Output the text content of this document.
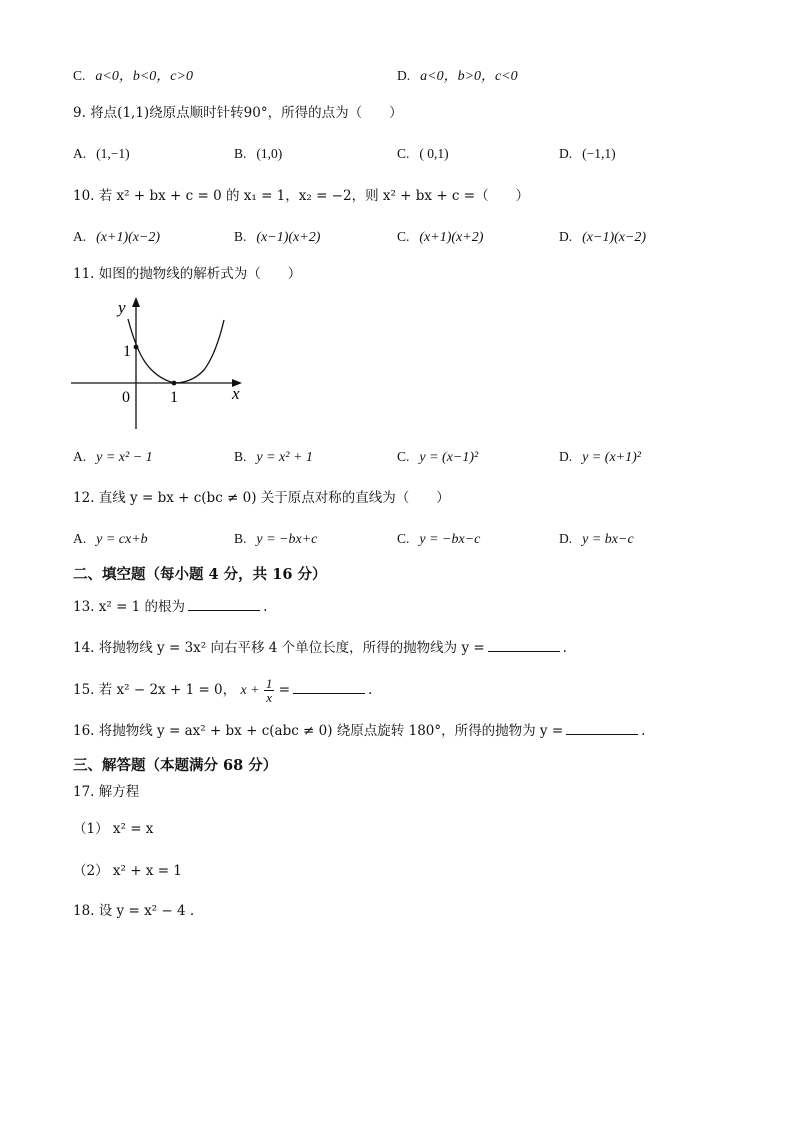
C. a<0，b<0，c>0	D. a<0，b>0，c<0
9. 将点(1,1)绕原点顺时针转90°，所得的点为（　　）
A. (1,−1)	B. (1,0)	C. ( 0,1)	D. (−1,1)
10. 若 x² + bx + c = 0 的 x₁ = 1，x₂ = −2，则 x² + bx + c =（　　）
A. (x+1)(x−2)	B. (x−1)(x+2)	C. (x+1)(x+2)	D. (x−1)(x−2)
11. 如图的抛物线的解析式为（　　）
y
x
0
1
1
A. y = x² − 1	B. y = x² + 1	C. y = (x−1)²	D. y = (x+1)²
12. 直线 y = bx + c(bc ≠ 0) 关于原点对称的直线为（　　）
A. y = cx+b	B. y = −bx+c	C. y = −bx−c	D. y = bx−c
二、填空题（每小题 4 分，共 16 分）
13. x² = 1 的根为	.
14. 将抛物线 y = 3x² 向右平移 4 个单位长度，所得的抛物线为 y =	.
15. 若 x² − 2x + 1 = 0， $x + \frac{1}{x}$ =	.
16. 将抛物线 y = ax² + bx + c(abc ≠ 0) 绕原点旋转 180°，所得的抛物为 y =	.
三、解答题（本题满分 68 分）
17. 解方程
（1） x² = x
（2） x² + x = 1
18. 设 y = x² − 4 .
